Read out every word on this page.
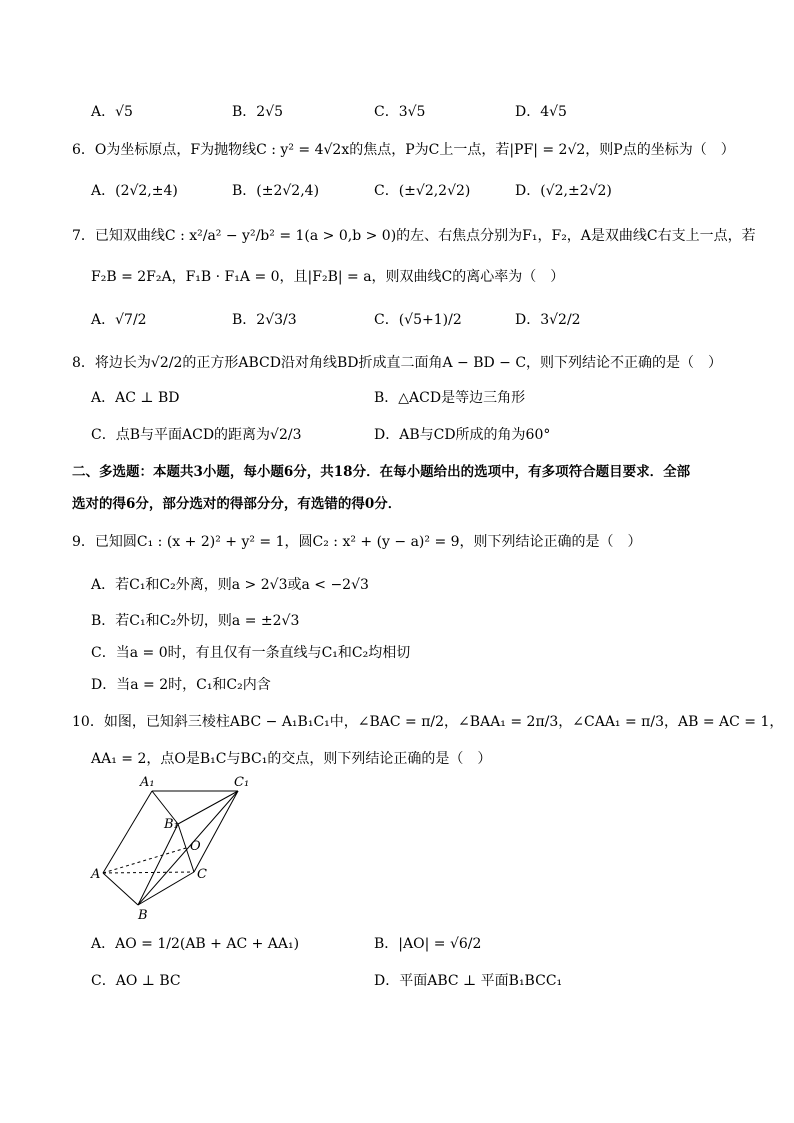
A．√5	B．2√5	C．3√5	D．4√5
6．O为坐标原点，F为抛物线C : y² = 4√2x的焦点，P为C上一点，若|PF| = 2√2，则P点的坐标为（　）
A．(2√2,±4)	B．(±2√2,4)	C．(±√2,2√2)	D．(√2,±2√2)
7．已知双曲线C : x²/a² − y²/b² = 1(a > 0,b > 0)的左、右焦点分别为F₁，F₂，A是双曲线C右支上一点，若
F₂B = 2F₂A，F₁B · F₁A = 0，且|F₂B| = a，则双曲线C的离心率为（　）
A．√7/2	B．2√3/3	C．(√5+1)/2	D．3√2/2
8．将边长为√2/2的正方形ABCD沿对角线BD折成直二面角A − BD − C，则下列结论不正确的是（　）
A．AC ⊥ BD	B．△ACD是等边三角形
C．点B与平面ACD的距离为√2/3	D．AB与CD所成的角为60°
二、多选题：本题共3小题，每小题6分，共18分．在每小题给出的选项中，有多项符合题目要求．全部
选对的得6分，部分选对的得部分分，有选错的得0分．
9．已知圆C₁ : (x + 2)² + y² = 1，圆C₂ : x² + (y − a)² = 9，则下列结论正确的是（　）
A．若C₁和C₂外离，则a > 2√3或a < −2√3
B．若C₁和C₂外切，则a = ±2√3
C．当a = 0时，有且仅有一条直线与C₁和C₂均相切
D．当a = 2时，C₁和C₂内含
10．如图，已知斜三棱柱ABC − A₁B₁C₁中，∠BAC = π/2，∠BAA₁ = 2π/3，∠CAA₁ = π/3，AB = AC = 1，
AA₁ = 2，点O是B₁C与BC₁的交点，则下列结论正确的是（　）
A₁	C₁
B₁
O
A	C
B
A．AO = 1/2(AB + AC + AA₁)	B．|AO| = √6/2
C．AO ⊥ BC	D．平面ABC ⊥ 平面B₁BCC₁
